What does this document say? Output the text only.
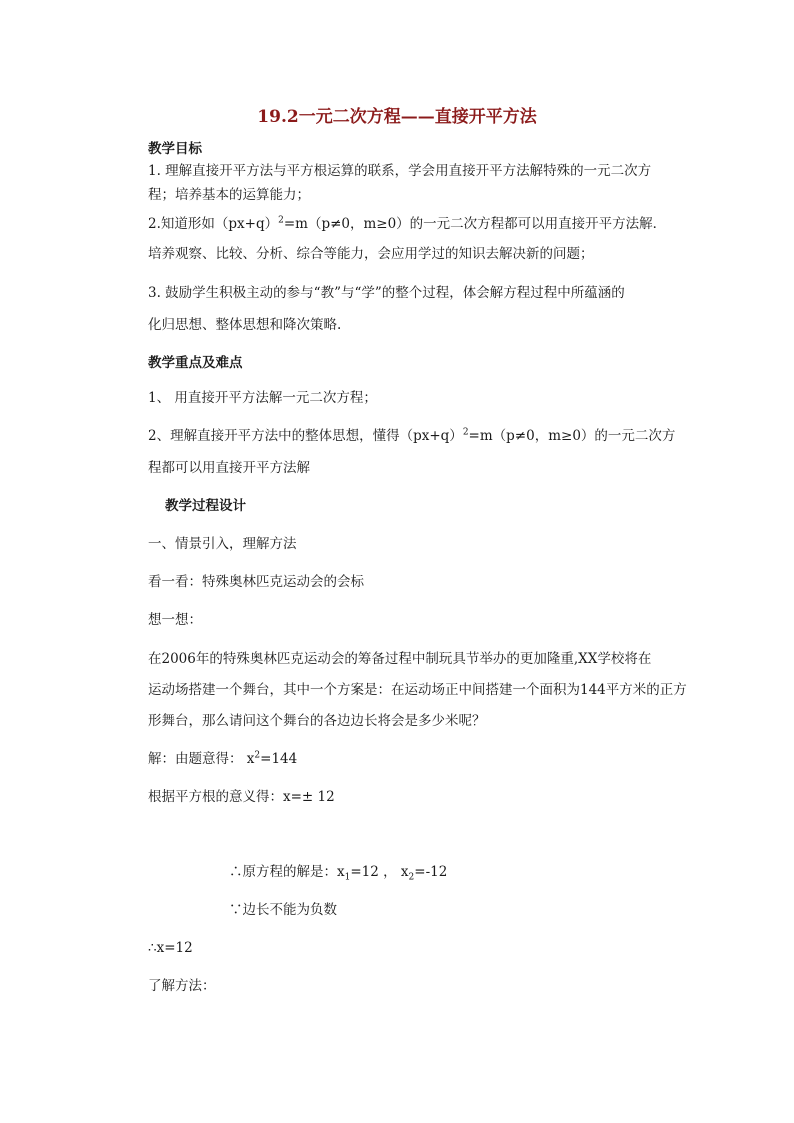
19.2一元二次方程——直接开平方法
教学目标
1. 理解直接开平方法与平方根运算的联系，学会用直接开平方法解特殊的一元二次方
程；培养基本的运算能力；
2.知道形如$(px+q)^2=m(p\ne 0$，m≥0）的一元二次方程都可以用直接开平方法解．
培养观察、比较、分析、综合等能力，会应用学过的知识去解决新的问题；
3. 鼓励学生积极主动的参与“教”与“学”的整个过程，体会解方程过程中所蕴涵的
化归思想、整体思想和降次策略.
教学重点及难点
1、 用直接开平方法解一元二次方程；
2、理解直接开平方法中的整体思想，懂得$(px+q)^2=m(p\ne 0$，m≥0）的一元二次方
程都可以用直接开平方法解
教学过程设计
一、情景引入，理解方法
看一看：特殊奥林匹克运动会的会标
想一想：
在2006年的特殊奥林匹克运动会的筹备过程中制玩具节举办的更加隆重,XX学校将在
运动场搭建一个舞台，其中一个方案是：在运动场正中间搭建一个面积为144平方米的正方
形舞台，那么请问这个舞台的各边边长将会是多少米呢？
解：由题意得： $x^2=144$
根据平方根的意义得：x=± 12
∴原方程的解是：$x_1=12$ ， $x_2=-12$
∵边长不能为负数
∴x=12
了解方法：
